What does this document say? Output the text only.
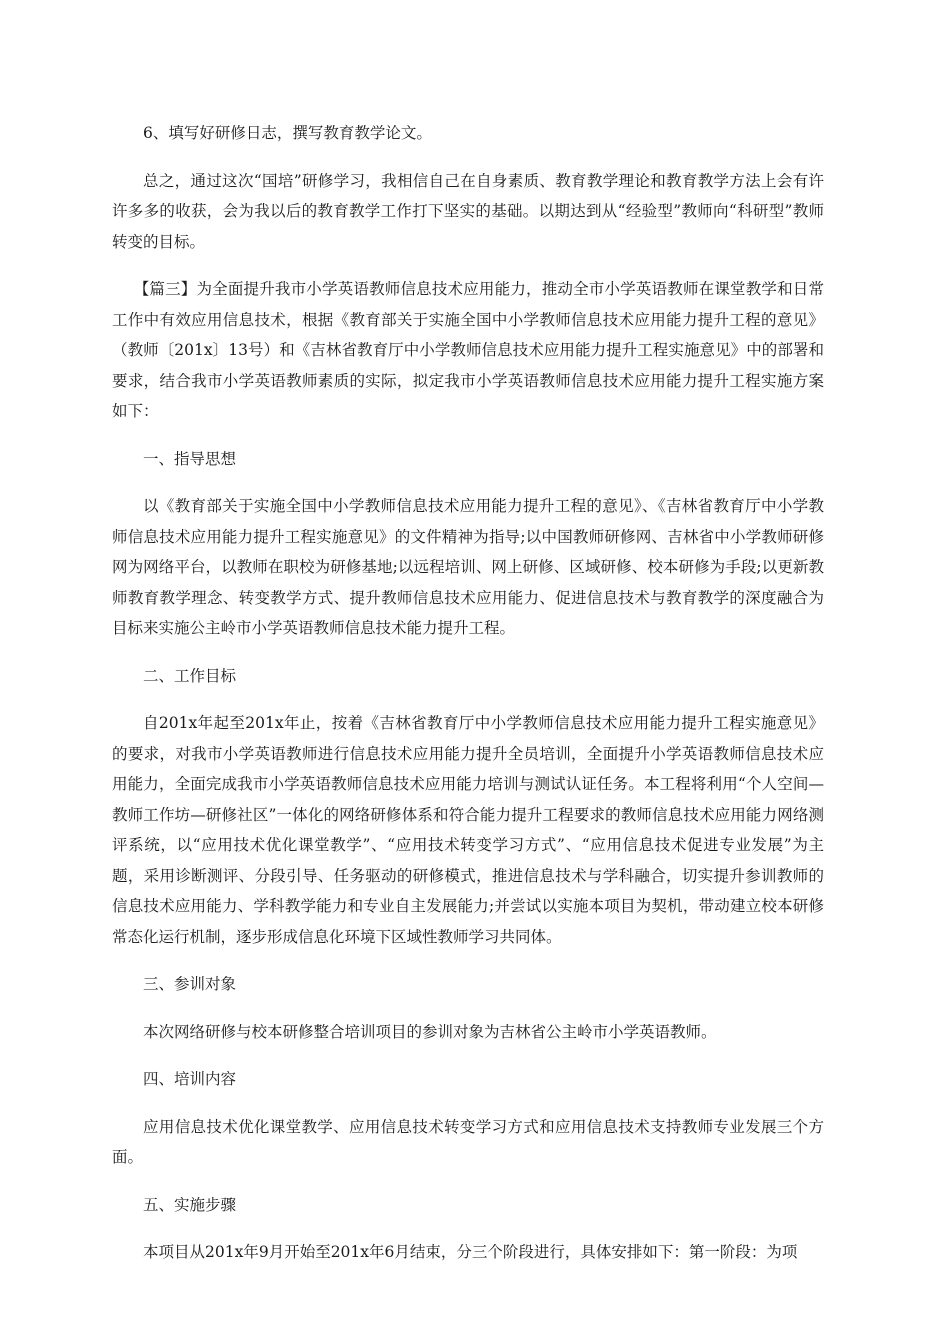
6、填写好研修日志，撰写教育教学论文。

总之，通过这次“国培”研修学习，我相信自己在自身素质、教育教学理论和教育教学方法上会有许许多多的收获，会为我以后的教育教学工作打下坚实的基础。以期达到从“经验型”教师向“科研型”教师转变的目标。

【篇三】为全面提升我市小学英语教师信息技术应用能力，推动全市小学英语教师在课堂教学和日常工作中有效应用信息技术，根据《教育部关于实施全国中小学教师信息技术应用能力提升工程的意见》（教师〔201x〕13号）和《吉林省教育厅中小学教师信息技术应用能力提升工程实施意见》中的部署和要求，结合我市小学英语教师素质的实际，拟定我市小学英语教师信息技术应用能力提升工程实施方案如下：

一、指导思想

以《教育部关于实施全国中小学教师信息技术应用能力提升工程的意见》、《吉林省教育厅中小学教师信息技术应用能力提升工程实施意见》的文件精神为指导;以中国教师研修网、吉林省中小学教师研修网为网络平台，以教师在职校为研修基地;以远程培训、网上研修、区域研修、校本研修为手段;以更新教师教育教学理念、转变教学方式、提升教师信息技术应用能力、促进信息技术与教育教学的深度融合为目标来实施公主岭市小学英语教师信息技术能力提升工程。

二、工作目标

自201x年起至201x年止，按着《吉林省教育厅中小学教师信息技术应用能力提升工程实施意见》的要求，对我市小学英语教师进行信息技术应用能力提升全员培训，全面提升小学英语教师信息技术应用能力，全面完成我市小学英语教师信息技术应用能力培训与测试认证任务。本工程将利用“个人空间—教师工作坊—研修社区”一体化的网络研修体系和符合能力提升工程要求的教师信息技术应用能力网络测评系统，以“应用技术优化课堂教学”、“应用技术转变学习方式”、“应用信息技术促进专业发展”为主题，采用诊断测评、分段引导、任务驱动的研修模式，推进信息技术与学科融合，切实提升参训教师的信息技术应用能力、学科教学能力和专业自主发展能力;并尝试以实施本项目为契机，带动建立校本研修常态化运行机制，逐步形成信息化环境下区域性教师学习共同体。

三、参训对象

本次网络研修与校本研修整合培训项目的参训对象为吉林省公主岭市小学英语教师。

四、培训内容

应用信息技术优化课堂教学、应用信息技术转变学习方式和应用信息技术支持教师专业发展三个方面。

五、实施步骤

本项目从201x年9月开始至201x年6月结束，分三个阶段进行，具体安排如下：第一阶段：为项
